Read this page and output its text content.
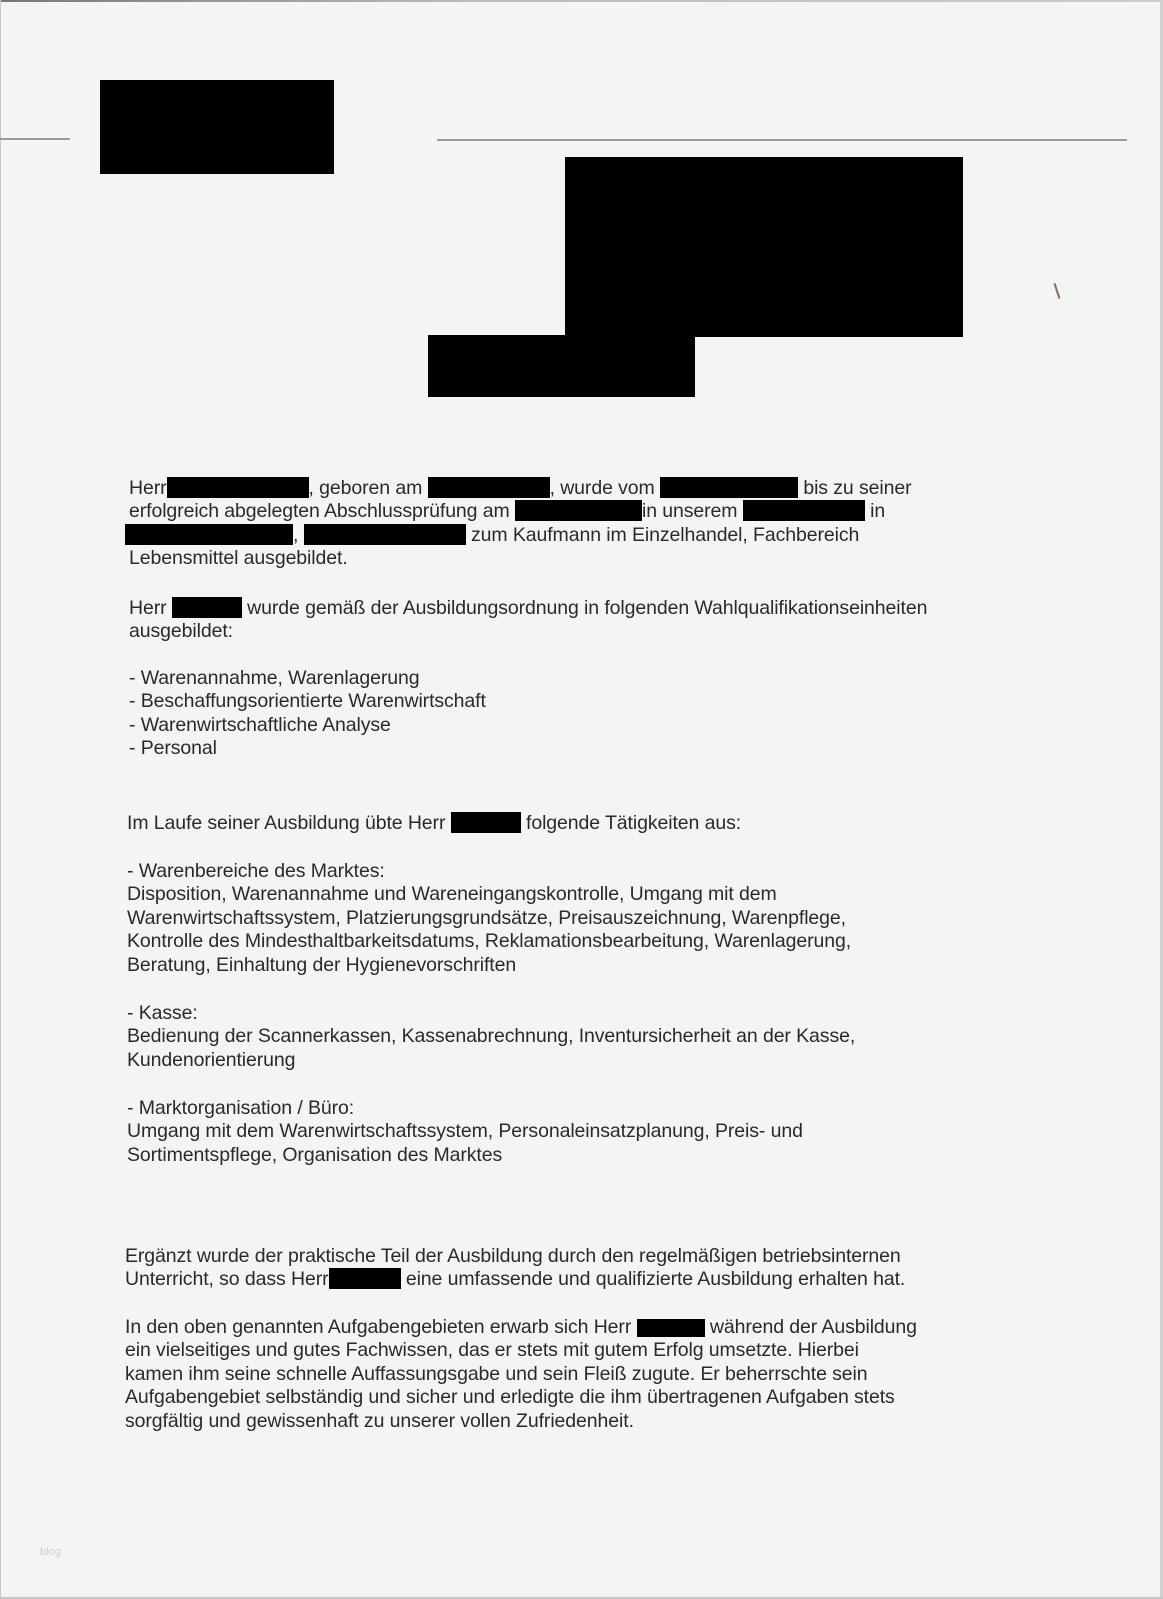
Herr	, geboren am	, wurde vom	bis zu seiner
erfolgreich abgelegten Abschlussprüfung am	in unserem	in
,	zum Kaufmann im Einzelhandel, Fachbereich
Lebensmittel ausgebildet.
Herr	wurde gemäß der Ausbildungsordnung in folgenden Wahlqualifikationseinheiten
ausgebildet:
- Warenannahme, Warenlagerung
- Beschaffungsorientierte Warenwirtschaft
- Warenwirtschaftliche Analyse
- Personal
Im Laufe seiner Ausbildung übte Herr	folgende Tätigkeiten aus:
- Warenbereiche des Marktes:
Disposition, Warenannahme und Wareneingangskontrolle, Umgang mit dem
Warenwirtschaftssystem, Platzierungsgrundsätze, Preisauszeichnung, Warenpflege,
Kontrolle des Mindesthaltbarkeitsdatums, Reklamationsbearbeitung, Warenlagerung,
Beratung, Einhaltung der Hygienevorschriften
- Kasse:
Bedienung der Scannerkassen, Kassenabrechnung, Inventursicherheit an der Kasse,
Kundenorientierung
- Marktorganisation / Büro:
Umgang mit dem Warenwirtschaftssystem, Personaleinsatzplanung, Preis- und
Sortimentspflege, Organisation des Marktes
Ergänzt wurde der praktische Teil der Ausbildung durch den regelmäßigen betriebsinternen
Unterricht, so dass Herr	eine umfassende und qualifizierte Ausbildung erhalten hat.
In den oben genannten Aufgabengebieten erwarb sich Herr	während der Ausbildung
ein vielseitiges und gutes Fachwissen, das er stets mit gutem Erfolg umsetzte. Hierbei
kamen ihm seine schnelle Auffassungsgabe und sein Fleiß zugute. Er beherrschte sein
Aufgabengebiet selbständig und sicher und erledigte die ihm übertragenen Aufgaben stets
sorgfältig und gewissenhaft zu unserer vollen Zufriedenheit.
blog
